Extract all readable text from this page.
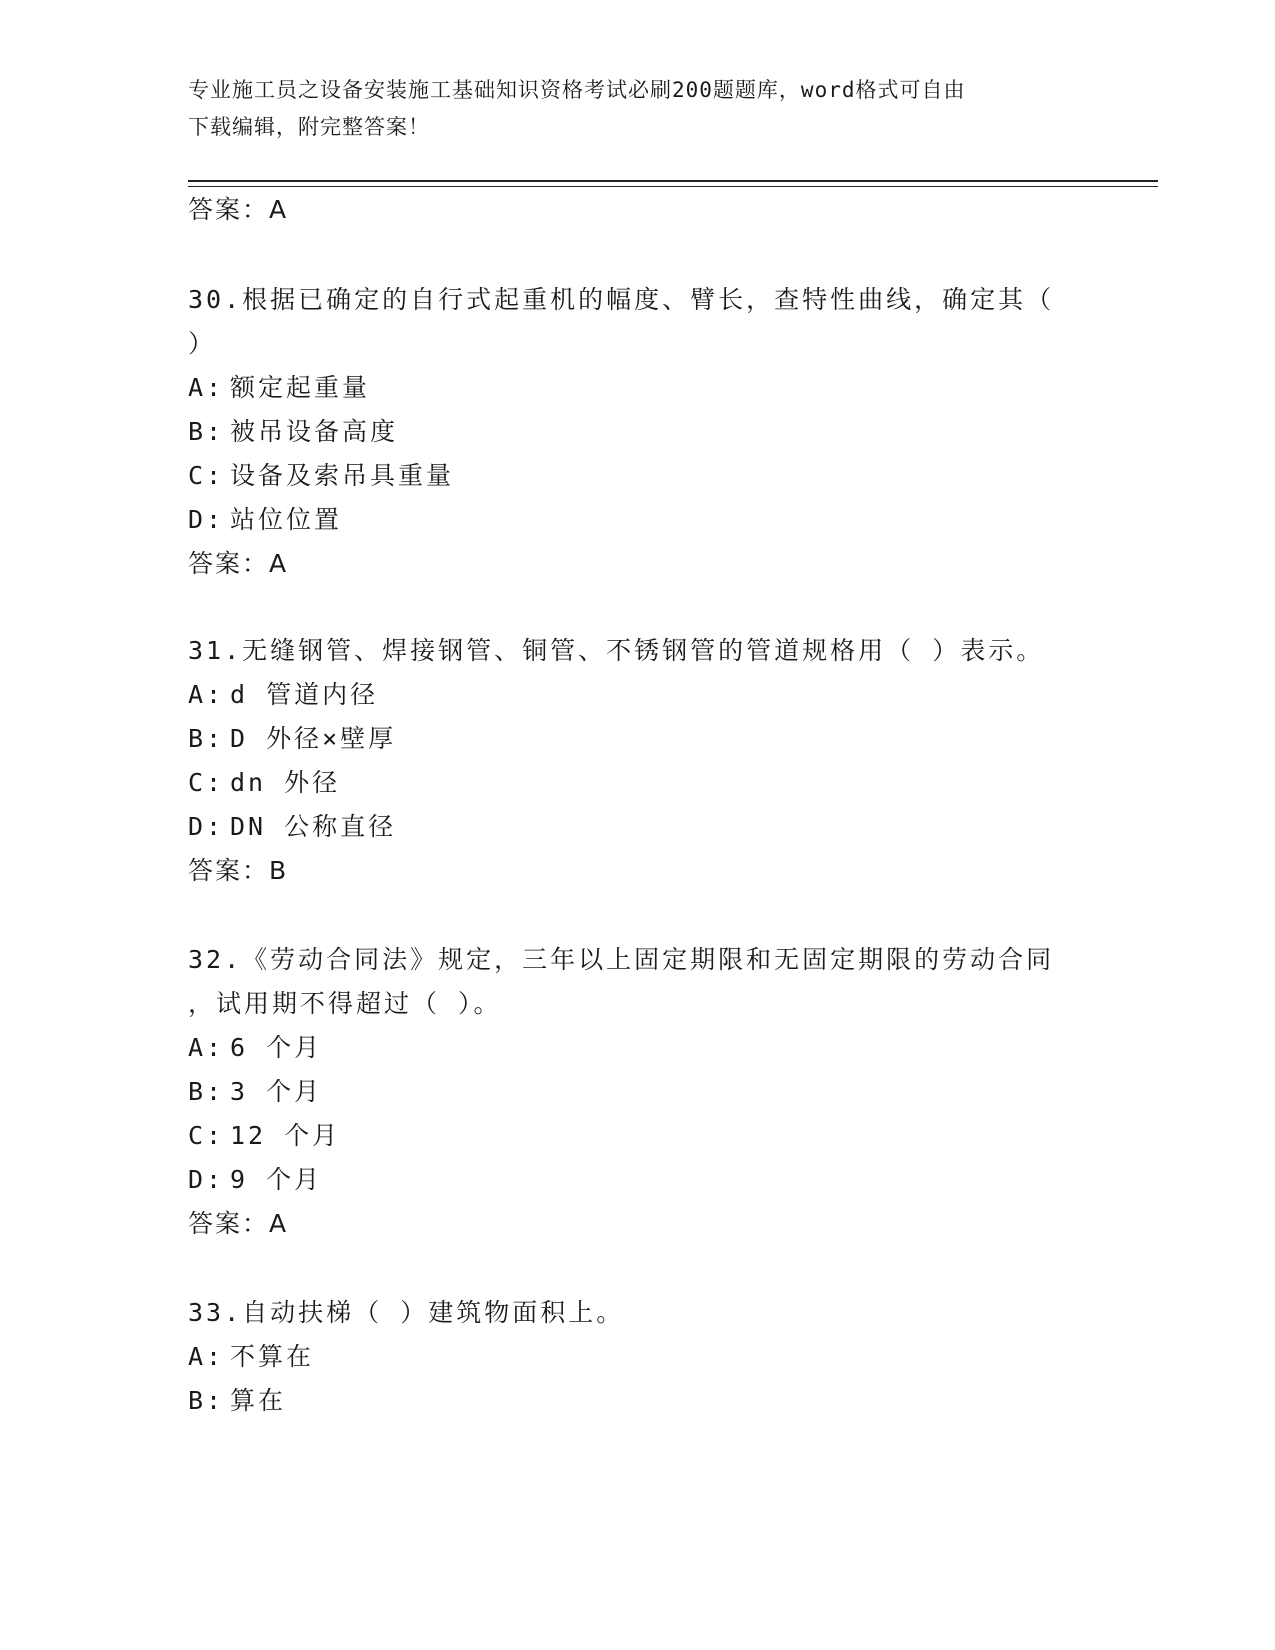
专业施工员之设备安装施工基础知识资格考试必刷200题题库，word格式可自由
下载编辑，附完整答案！
答案：A
30.根据已确定的自行式起重机的幅度、臂长，查特性曲线，确定其（
）
A: 额定起重量
B: 被吊设备高度
C: 设备及索吊具重量
D: 站位位置
答案：A
31.无缝钢管、焊接钢管、铜管、不锈钢管的管道规格用（ ）表示。
A: d 管道内径
B: D 外径×壁厚
C: dn 外径
D: DN 公称直径
答案：B
32.《劳动合同法》规定，三年以上固定期限和无固定期限的劳动合同
，试用期不得超过（ ）。
A: 6 个月
B: 3 个月
C: 12 个月
D: 9 个月
答案：A
33.自动扶梯（ ）建筑物面积上。
A: 不算在
B: 算在
